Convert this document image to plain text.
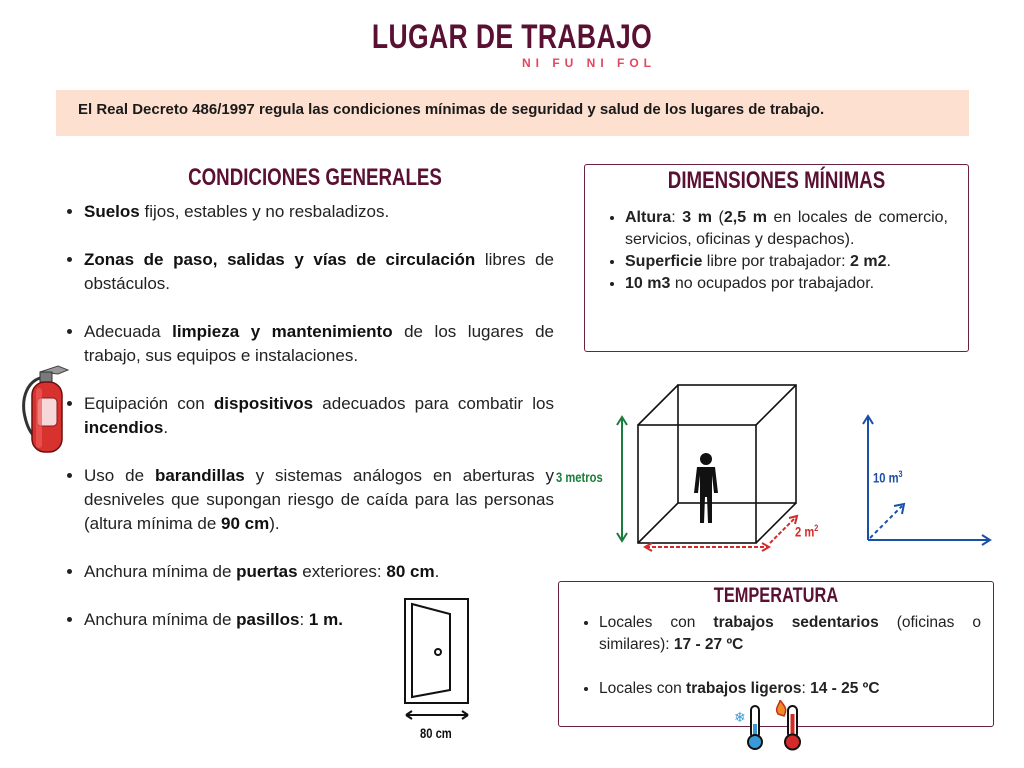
LUGAR DE TRABAJO
NI FU NI FOL
El Real Decreto 486/1997 regula las condiciones mínimas de seguridad y salud de los lugares de trabajo.
CONDICIONES GENERALES
• Suelos fijos, estables y no resbaladizos.
• Zonas de paso, salidas y vías de circulación libres de obstáculos.
• Adecuada limpieza y mantenimiento de los lugares de trabajo, sus equipos e instalaciones.
• Equipación con dispositivos adecuados para combatir los incendios.
• Uso de barandillas y sistemas análogos en aberturas y desniveles que supongan riesgo de caída para las personas (altura mínima de 90 cm).
• Anchura mínima de puertas exteriores: 80 cm.
• Anchura mínima de pasillos: 1 m.
80 cm
DIMENSIONES MÍNIMAS
• Altura: 3 m (2,5 m en locales de comercio, servicios, oficinas y despachos).
• Superficie libre por trabajador: 2 m2.
• 10 m3 no ocupados por trabajador.
3 metros
2 $m^2$
10 $m^3$
TEMPERATURA
• Locales con trabajos sedentarios (oficinas o similares): 17 - 27 ºC
• Locales con trabajos ligeros: 14 - 25 ºC
❄
